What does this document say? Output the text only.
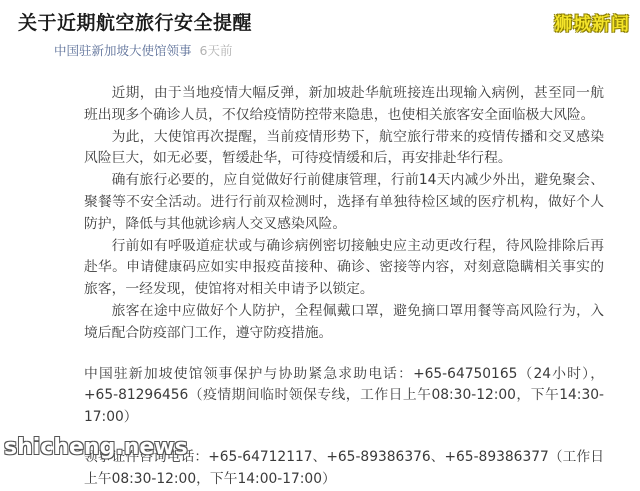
关于近期航空旅行安全提醒
中国驻新加坡大使馆领事 6天前
狮城新闻

近期，由于当地疫情大幅反弹，新加坡赴华航班接连出现输入病例，甚至同一航班出现多个确诊人员，不仅给疫情防控带来隐患，也使相关旅客安全面临极大风险。

为此，大使馆再次提醒，当前疫情形势下，航空旅行带来的疫情传播和交叉感染风险巨大，如无必要，暂缓赴华，可待疫情缓和后，再安排赴华行程。

确有旅行必要的，应自觉做好行前健康管理，行前14天内减少外出，避免聚会、聚餐等不安全活动。进行行前双检测时，选择有单独待检区域的医疗机构，做好个人防护，降低与其他就诊病人交叉感染风险。

行前如有呼吸道症状或与确诊病例密切接触史应主动更改行程，待风险排除后再赴华。申请健康码应如实申报疫苗接种、确诊、密接等内容，对刻意隐瞒相关事实的旅客，一经发现，使馆将对相关申请予以锁定。

旅客在途中应做好个人防护，全程佩戴口罩，避免摘口罩用餐等高风险行为，入境后配合防疫部门工作，遵守防疫措施。

中国驻新加坡使馆领事保护与协助紧急求助电话：+65-64750165（24小时），+65-81296456（疫情期间临时领保专线，工作日上午08:30-12:00，下午14:30-17:00）

领事证件咨询电话：+65-64712117、+65-89386376、+65-89386377（工作日上午08:30-12:00，下午14:00-17:00）

shicheng.news
